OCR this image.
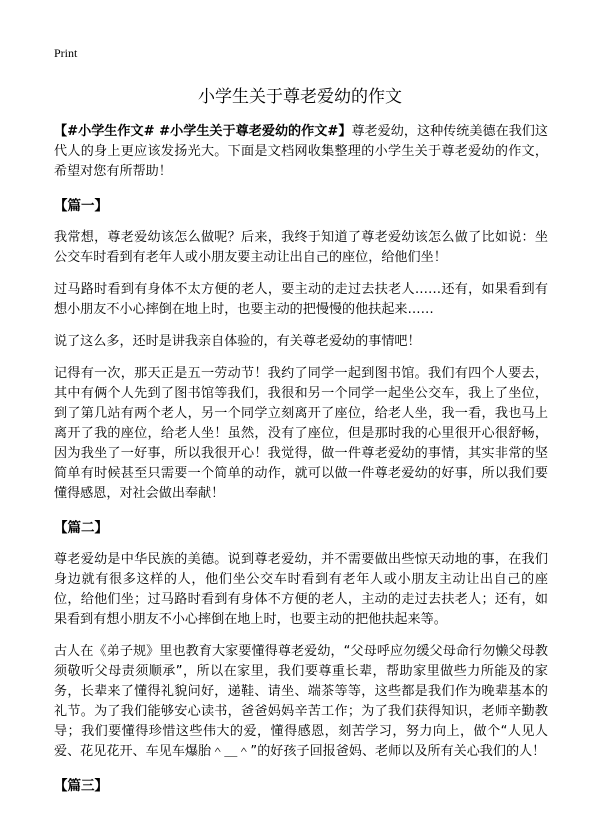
Print
小学生关于尊老爱幼的作文

【#小学生作文# #小学生关于尊老爱幼的作文#】尊老爱幼，这种传统美德在我们这代人的身上更应该发扬光大。下面是文档网收集整理的小学生关于尊老爱幼的作文，希望对您有所帮助！

【篇一】

我常想，尊老爱幼该怎么做呢？后来，我终于知道了尊老爱幼该怎么做了比如说：坐公交车时看到有老年人或小朋友要主动让出自己的座位，给他们坐！

过马路时看到有身体不太方便的老人，要主动的走过去扶老人……还有，如果看到有想小朋友不小心摔倒在地上时，也要主动的把慢慢的他扶起来……

说了这么多，还时是讲我亲自体验的，有关尊老爱幼的事情吧！

记得有一次，那天正是五一劳动节！我约了同学一起到图书馆。我们有四个人要去，其中有俩个人先到了图书馆等我们，我很和另一个同学一起坐公交车，我上了坐位，到了第几站有两个老人，另一个同学立刻离开了座位，给老人坐，我一看，我也马上离开了我的座位，给老人坐！虽然，没有了座位，但是那时我的心里很开心很舒畅，因为我坐了一好事，所以我很开心！我觉得，做一件尊老爱幼的事情，其实非常的坚简单有时候甚至只需要一个简单的动作，就可以做一件尊老爱幼的好事，所以我们要懂得感恩，对社会做出奉献！

【篇二】

尊老爱幼是中华民族的美德。说到尊老爱幼，并不需要做出些惊天动地的事，在我们身边就有很多这样的人，他们坐公交车时看到有老年人或小朋友主动让出自己的座位，给他们坐；过马路时看到有身体不方便的老人，主动的走过去扶老人；还有，如果看到有想小朋友不小心摔倒在地上时，也要主动的把他扶起来等。

古人在《弟子规》里也教育大家要懂得尊老爱幼，“父母呼应勿缓父母命行勿懒父母教须敬听父母责须顺承”，所以在家里，我们要尊重长辈，帮助家里做些力所能及的家务，长辈来了懂得礼貌问好，递鞋、请坐、端茶等等，这些都是我们作为晚辈基本的礼节。为了我们能够安心读书，爸爸妈妈辛苦工作；为了我们获得知识，老师辛勤教导；我们要懂得珍惜这些伟大的爱，懂得感恩，刻苦学习，努力向上，做个“人见人爱、花见花开、车见车爆胎＾＿＾”的好孩子回报爸妈、老师以及所有关心我们的人！

【篇三】
